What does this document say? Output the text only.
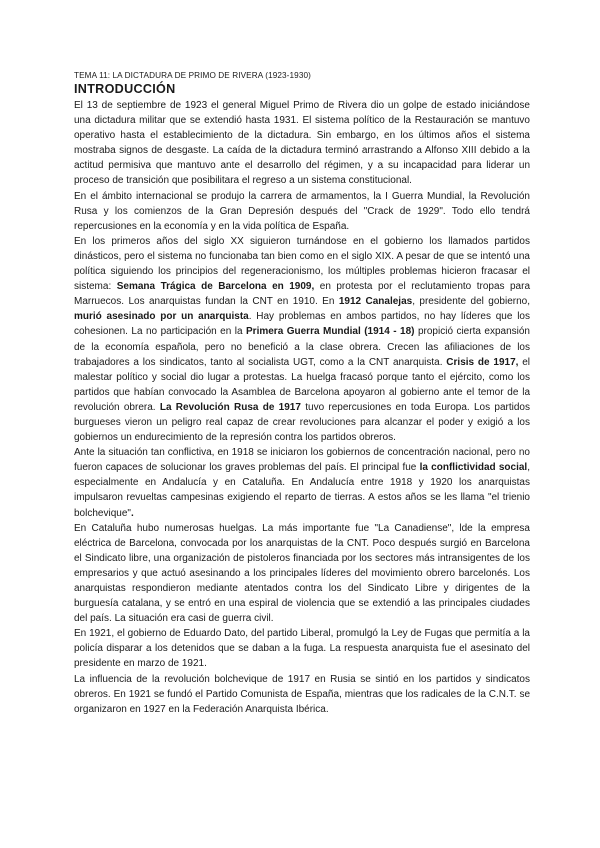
TEMA 11: LA DICTADURA DE PRIMO DE RIVERA (1923-1930)

INTRODUCCIÓN

El 13 de septiembre de 1923 el general Miguel Primo de Rivera dio un golpe de estado iniciándose una dictadura militar que se extendió hasta 1931. El sistema político de la Restauración se mantuvo operativo hasta el establecimiento de la dictadura. Sin embargo, en los últimos años el sistema mostraba signos de desgaste. La caída de la dictadura terminó arrastrando a Alfonso XIII debido a la actitud permisiva que mantuvo ante el desarrollo del régimen, y a su incapacidad para liderar un proceso de transición que posibilitara el regreso a un sistema constitucional.

En el ámbito internacional se produjo la carrera de armamentos, la I Guerra Mundial, la Revolución Rusa y los comienzos de la Gran Depresión después del "Crack de 1929". Todo ello tendrá repercusiones en la economía y en la vida política de España.

En los primeros años del siglo XX siguieron turnándose en el gobierno los llamados partidos dinásticos, pero el sistema no funcionaba tan bien como en el siglo XIX. A pesar de que se intentó una política siguiendo los principios del regeneracionismo, los múltiples problemas hicieron fracasar el sistema: Semana Trágica de Barcelona en 1909, en protesta por el reclutamiento tropas para Marruecos. Los anarquistas fundan la CNT en 1910. En 1912 Canalejas, presidente del gobierno, murió asesinado por un anarquista. Hay problemas en ambos partidos, no hay líderes que los cohesionen. La no participación en la Primera Guerra Mundial (1914 - 18) propició cierta expansión de la economía española, pero no benefició a la clase obrera. Crecen las afiliaciones de los trabajadores a los sindicatos, tanto al socialista UGT, como a la CNT anarquista. Crisis de 1917, el malestar político y social dio lugar a protestas. La huelga fracasó porque tanto el ejército, como los partidos que habían convocado la Asamblea de Barcelona apoyaron al gobierno ante el temor de la revolución obrera. La Revolución Rusa de 1917 tuvo repercusiones en toda Europa. Los partidos burgueses vieron un peligro real capaz de crear revoluciones para alcanzar el poder y exigió a los gobiernos un endurecimiento de la represión contra los partidos obreros.

Ante la situación tan conflictiva, en 1918 se iniciaron los gobiernos de concentración nacional, pero no fueron capaces de solucionar los graves problemas del país. El principal fue la conflictividad social, especialmente en Andalucía y en Cataluña. En Andalucía entre 1918 y 1920 los anarquistas impulsaron revueltas campesinas exigiendo el reparto de tierras. A estos años se les llama "el trienio bolchevique".

En Cataluña hubo numerosas huelgas. La más importante fue "La Canadiense", lde la empresa eléctrica de Barcelona, convocada por los anarquistas de la CNT. Poco después surgió en Barcelona el Sindicato libre, una organización de pistoleros financiada por los sectores más intransigentes de los empresarios y que actuó asesinando a los principales líderes del movimiento obrero barcelonés. Los anarquistas respondieron mediante atentados contra los del Sindicato Libre y dirigentes de la burguesía catalana, y se entró en una espiral de violencia que se extendió a las principales ciudades del país. La situación era casi de guerra civil.

En 1921, el gobierno de Eduardo Dato, del partido Liberal, promulgó la Ley de Fugas que permitía a la policía disparar a los detenidos que se daban a la fuga. La respuesta anarquista fue el asesinato del presidente en marzo de 1921.

La influencia de la revolución bolchevique de 1917 en Rusia se sintió en los partidos y sindicatos obreros. En 1921 se fundó el Partido Comunista de España, mientras que los radicales de la C.N.T. se organizaron en 1927 en la Federación Anarquista Ibérica.
